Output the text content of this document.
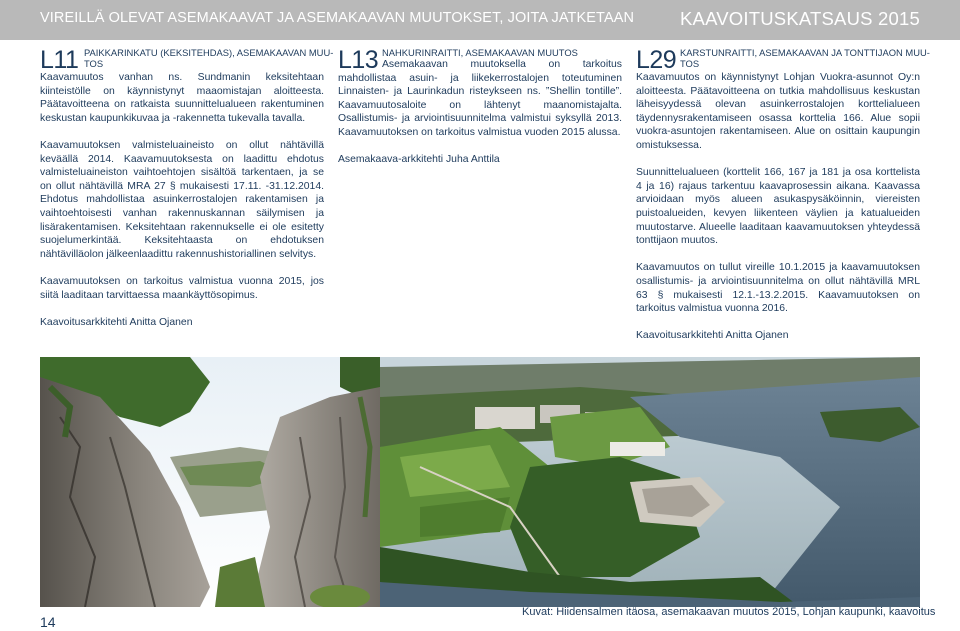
VIREILLÄ OLEVAT ASEMAKAAVAT JA ASEMAKAAVAN MUUTOKSET, JOITA JATKETAAN KAAVOITUSKATSAUS 2015
L11 PAIKKARINKATU (KEKSITEHDAS), ASEMAKAAVAN MUU-
TOS

Kaavamuutos vanhan ns. Sundmanin keksitehtaan kiinteistölle on käynnistynyt maaomistajan aloitteesta. Päätavoitteena on ratkaista suunnittelualueen rakentuminen keskustan kaupunkikuvaa ja -rakennetta tukevalla tavalla.

Kaavamuutoksen valmisteluaineisto on ollut nähtävillä keväällä 2014. Kaavamuutoksesta on laadittu ehdotus valmisteluaineiston vaihtoehtojen sisältöä tarkentaen, ja se on ollut nähtävillä MRA 27 § mukaisesti 17.11. -31.12.2014. Ehdotus mahdollistaa asuinkerrostalojen rakentamisen ja vaihtoehtoisesti vanhan rakennuskannan säilymisen ja lisärakentamisen. Keksitehtaan rakennukselle ei ole esitetty suojelumerkintää. Keksitehtaasta on ehdotuksen nähtävilläolon jälkeenlaadittu rakennushistoriallinen selvitys.

Kaavamuutoksen on tarkoitus valmistua vuonna 2015, jos siitä laaditaan tarvittaessa maankäyttösopimus.

Kaavoitusarkkitehti Anitta Ojanen

L13 NAHKURINRAITTI, ASEMAKAAVAN MUUTOS

Asemakaavan muutoksella on tarkoitus mahdollistaa asuin- ja liikekerrostalojen toteutuminen Linnaisten- ja Laurinkadun risteykseen ns. ”Shellin tontille”. Kaavamuutosaloite on lähtenyt maanomistajalta. Osallistumis- ja arviointisuunnitelma valmistui syksyllä 2013. Kaavamuutoksen on tarkoitus valmistua vuoden 2015 alussa.

Asemakaava-arkkitehti Juha Anttila

L29 KARSTUNRAITTI, ASEMAKAAVAN JA TONTTIJAON MUU-
TOS

Kaavamuutos on käynnistynyt Lohjan Vuokra-asunnot Oy:n aloitteesta. Päätavoitteena on tutkia mahdollisuus keskustan läheisyydessä olevan asuinkerrostalojen korttelialueen täydennysrakentamiseen osassa korttelia 166. Alue sopii vuokra-asuntojen rakentamiseen. Alue on osittain kaupungin omistuksessa.

Suunnittelualueen (korttelit 166, 167 ja 181 ja osa korttelista 4 ja 16) rajaus tarkentuu kaavaprosessin aikana. Kaavassa arvioidaan myös alueen asukaspysäköinnin, viereisten puistoalueiden, kevyen liikenteen väylien ja katualueiden muutostarve. Alueelle laaditaan kaavamuutoksen yhteydessä tonttijaon muutos.

Kaavamuutos on tullut vireille 10.1.2015 ja kaavamuutoksen osallistumis- ja arviointisuunnitelma on ollut nähtävillä MRL 63 § mukaisesti 12.1.-13.2.2015. Kaavamuutoksen on tarkoitus valmistua vuonna 2016.

Kaavoitusarkkitehti Anitta Ojanen

14
Kuvat: Hiidensalmen itäosa, asemakaavan muutos 2015, Lohjan kaupunki, kaavoitus
